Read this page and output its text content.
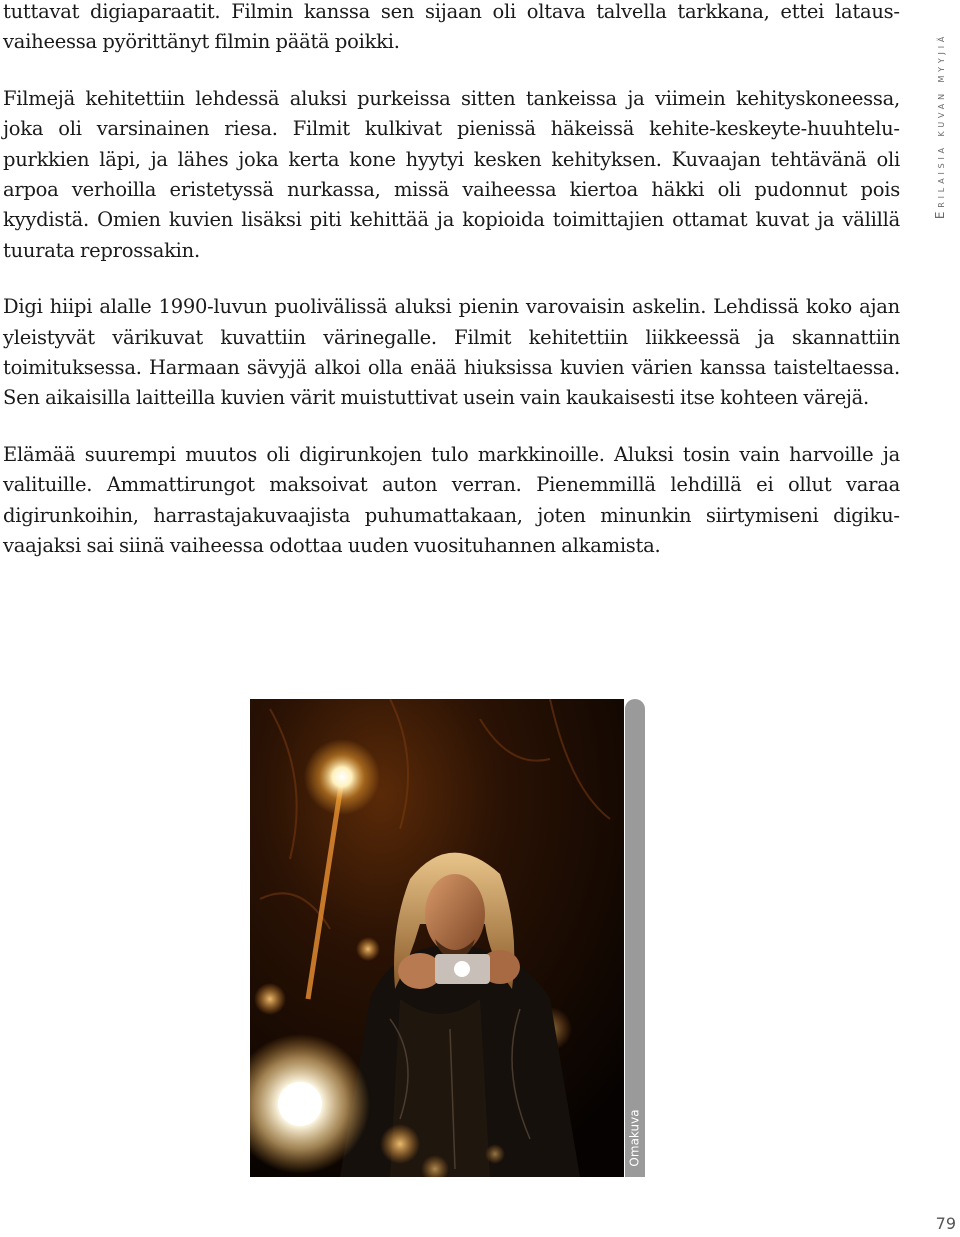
tuttavat digiaparaatit. Filmin kanssa sen sijaan oli oltava talvella tarkkana, ettei latausvaiheessa pyörittänyt filmin päätä poikki.

Filmejä kehitettiin lehdessä aluksi purkeissa sitten tankeissa ja viimein kehityskoneessa, joka oli varsinainen riesa. Filmit kulkivat pienissä häkeissä kehite-keskeyte-huuhtelupurkkien läpi, ja lähes joka kerta kone hyytyi kesken kehityksen. Kuvaajan tehtävänä oli arpoa verhoilla eristetyssä nurkassa, missä vaiheessa kiertoa häkki oli pudonnut pois kyydistä. Omien kuvien lisäksi piti kehittää ja kopioida toimittajien ottamat kuvat ja välillä tuurata reprossakin.

Digi hiipi alalle 1990-luvun puolivälissä aluksi pienin varovaisin askelin. Lehdissä koko ajan yleistyvät värikuvat kuvattiin värinegalle. Filmit kehitettiin liikkeessä ja skannattiin toimituksessa. Harmaan sävyjä alkoi olla enää hiuksissa kuvien värien kanssa taisteltaessa. Sen aikaisilla laitteilla kuvien värit muistuttivat usein vain kaukaisesti itse kohteen värejä.

Elämää suurempi muutos oli digirunkojen tulo markkinoille. Aluksi tosin vain harvoille ja valituille. Ammattirungot maksoivat auton verran. Pienemmillä lehdillä ei ollut varaa digirunkoihin, harrastajakuvaajista puhumattakaan, joten minunkin siirtymiseni digikuvaajaksi sai siinä vaiheessa odottaa uuden vuosituhannen alkamista.

Erilaisia kuvan myyjiä
Omakuva
79
